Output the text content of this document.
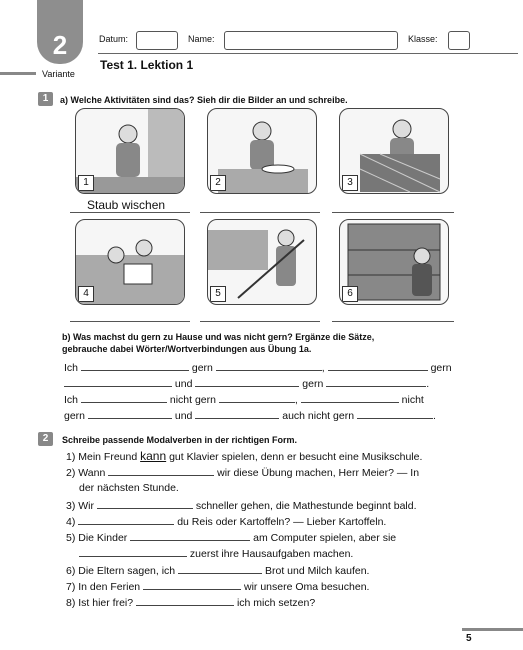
2
Variante
Datum:	Name:	Klasse:
Test 1. Lektion 1
1	a) Welche Aktivitäten sind das? Sieh dir die Bilder an und schreibe.
1	2	3
Staub wischen
4	5	6
b) Was machst du gern zu Hause und was nicht gern? Ergänze die Sätze,
gebrauche dabei Wörter/Wortverbindungen aus Übung 1a.
Ich	gern	,	gern
und	gern	.
Ich	nicht gern	,	nicht
gern	und	auch nicht gern	.
2	Schreibe passende Modalverben in der richtigen Form.
1) Mein Freund kann gut Klavier spielen, denn er besucht eine Musikschule.
2) Wann	wir diese Übung machen, Herr Meier? — In
der nächsten Stunde.
3) Wir	schneller gehen, die Mathestunde beginnt bald.
4)	du Reis oder Kartoffeln? — Lieber Kartoffeln.
5) Die Kinder	am Computer spielen, aber sie
zuerst ihre Hausaufgaben machen.
6) Die Eltern sagen, ich	Brot und Milch kaufen.
7) In den Ferien	wir unsere Oma besuchen.
8) Ist hier frei?	ich mich setzen?
5
